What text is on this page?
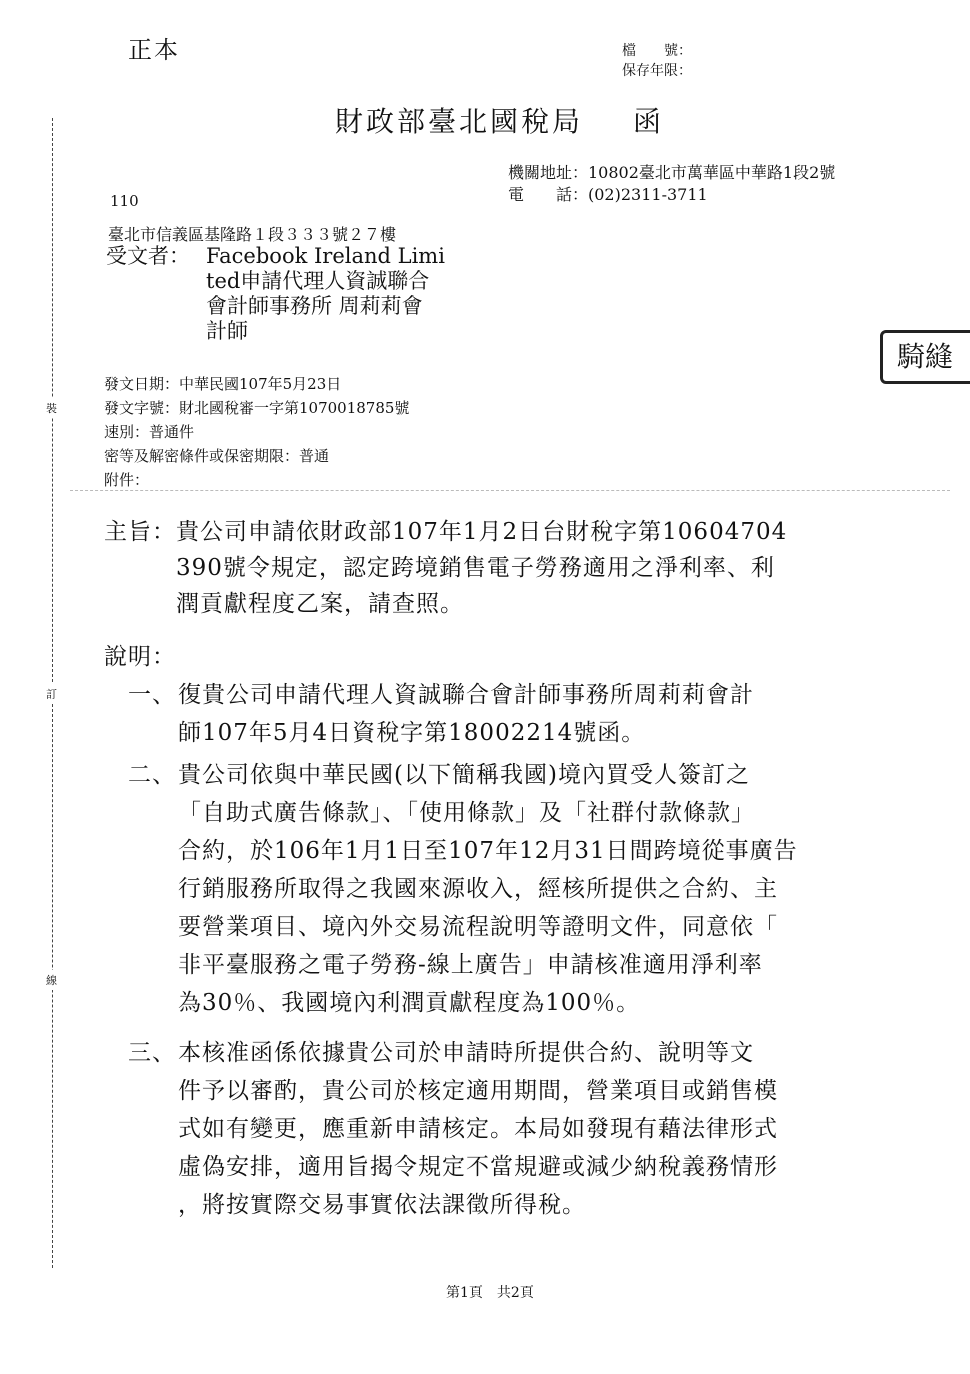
裝
訂
線
騎縫
正本	檔　　號：
保存年限：
財政部臺北國稅局 函
機關地址：10802臺北市萬華區中華路1段2號
電　　話：(02)2311-3711
110
臺北市信義區基隆路１段３３３號２７樓
受文者： Facebook Ireland Limi
ted申請代理人資誠聯合
會計師事務所 周莉莉會
計師
發文日期：中華民國107年5月23日
發文字號：財北國稅審一字第1070018785號
速別：普通件
密等及解密條件或保密期限：普通
附件：
主旨： 貴公司申請依財政部107年1月2日台財稅字第10604704
390號令規定，認定跨境銷售電子勞務適用之淨利率、利
潤貢獻程度乙案，請查照。
說明：
一、 復貴公司申請代理人資誠聯合會計師事務所周莉莉會計
師107年5月4日資稅字第18002214號函。
二、 貴公司依與中華民國(以下簡稱我國)境內買受人簽訂之
「自助式廣告條款」、「使用條款」及「社群付款條款」
合約，於106年1月1日至107年12月31日間跨境從事廣告
行銷服務所取得之我國來源收入，經核所提供之合約、主
要營業項目、境內外交易流程說明等證明文件，同意依「
非平臺服務之電子勞務-線上廣告」申請核准適用淨利率
為30％、我國境內利潤貢獻程度為100％。
三、 本核准函係依據貴公司於申請時所提供合約、說明等文
件予以審酌，貴公司於核定適用期間，營業項目或銷售模
式如有變更，應重新申請核定。本局如發現有藉法律形式
虛偽安排，適用旨揭令規定不當規避或減少納稅義務情形
，將按實際交易事實依法課徵所得稅。
第1頁　共2頁
